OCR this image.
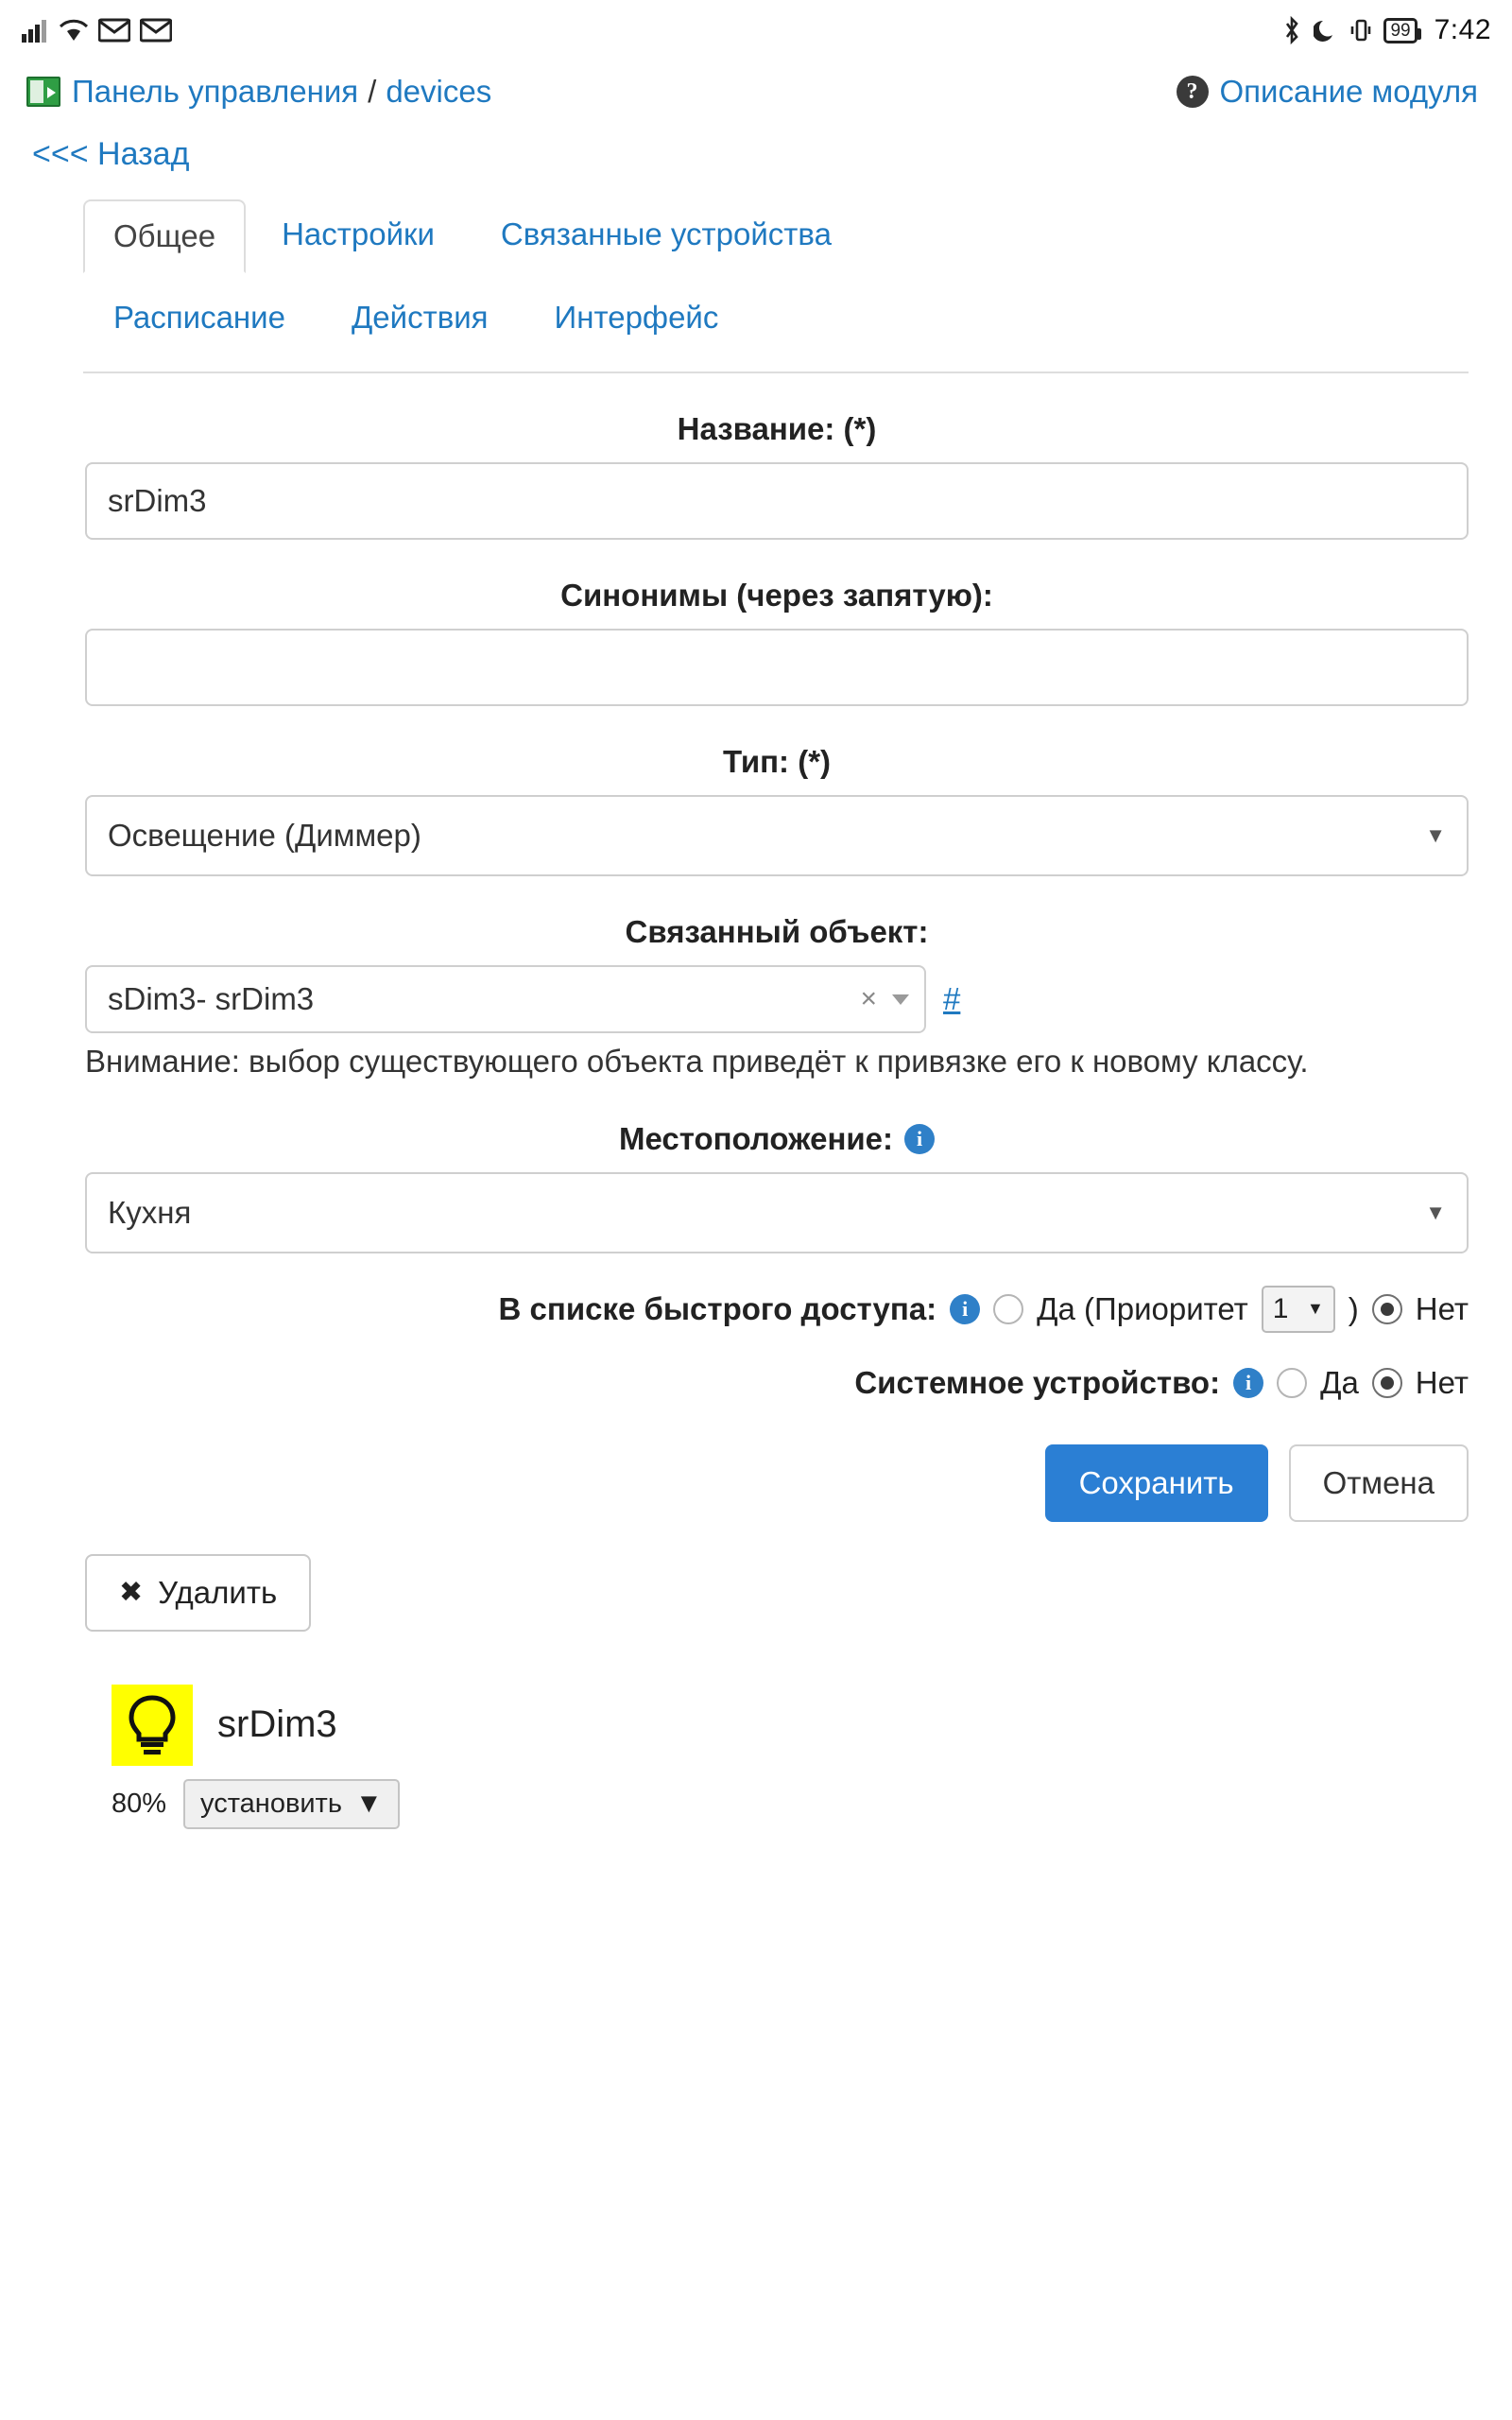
99 7:42
Панель управления / devices	? Описание модуля
<<< Назад
Общее	Настройки	Связанные устройства
Расписание	Действия	Интерфейс
Название: (*)
srDim3
Синонимы (через запятую):
Тип: (*)
Освещение (Диммер)	▼
Связанный объект:
sDim3- srDim3	×	#
Внимание: выбор существующего объекта приведёт к привязке его к новому классу.
Местоположение:	i
Кухня	▼
В списке быстрого доступа:	i	Да (Приоритет 1 ▼ ) Нет
Системное устройство:	i	Да Нет
Сохранить	Отмена
✖ Удалить
srDim3
80% установить ▼
